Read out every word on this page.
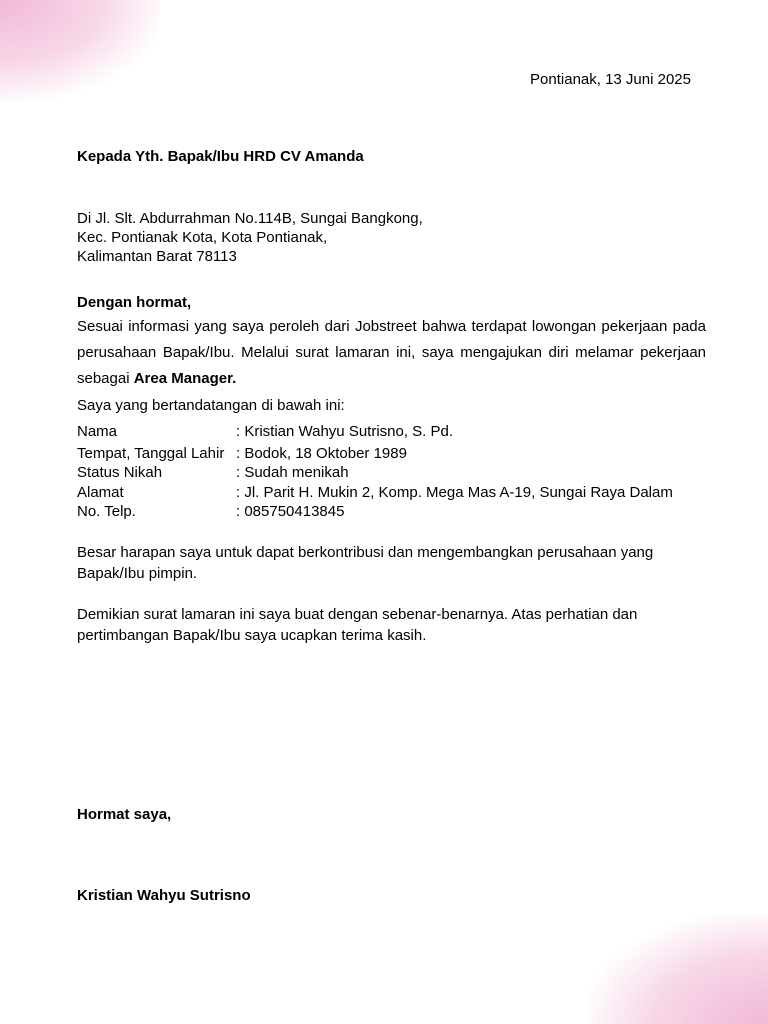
Pontianak, 13 Juni 2025
Kepada Yth. Bapak/Ibu HRD CV Amanda
Di Jl. Slt. Abdurrahman No.114B, Sungai Bangkong,
Kec. Pontianak Kota, Kota Pontianak,
Kalimantan Barat 78113
Dengan hormat,
Sesuai informasi yang saya peroleh dari Jobstreet bahwa terdapat lowongan pekerjaan pada perusahaan Bapak/Ibu. Melalui surat lamaran ini, saya mengajukan diri melamar pekerjaan sebagai Area Manager.
Saya yang bertandatangan di bawah ini:
Nama	: Kristian Wahyu Sutrisno, S. Pd.
Tempat, Tanggal Lahir : Bodok, 18 Oktober 1989
Status Nikah	: Sudah menikah
Alamat	: Jl. Parit H. Mukin 2, Komp. Mega Mas A-19, Sungai Raya Dalam
No. Telp.	: 085750413845
Besar harapan saya untuk dapat berkontribusi dan mengembangkan perusahaan yang Bapak/Ibu pimpin.
Demikian surat lamaran ini saya buat dengan sebenar-benarnya. Atas perhatian dan pertimbangan Bapak/Ibu saya ucapkan terima kasih.
Hormat saya,
Kristian Wahyu Sutrisno
